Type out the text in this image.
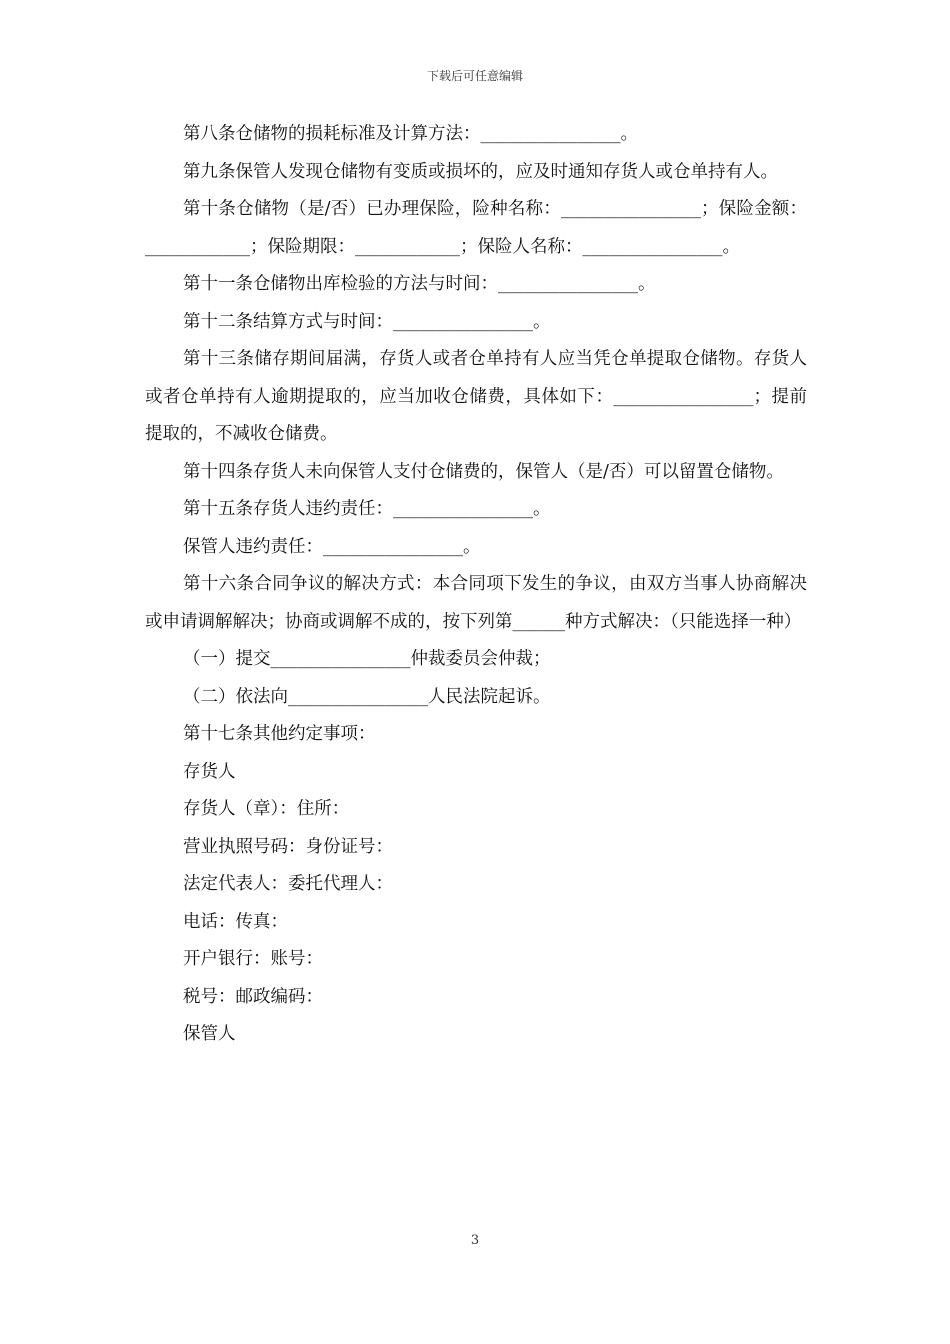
下载后可任意编辑

第八条仓储物的损耗标准及计算方法：________________。

第九条保管人发现仓储物有变质或损坏的，应及时通知存货人或仓单持有人。

第十条仓储物（是/否）已办理保险，险种名称：________________；保险金额：____________；保险期限：____________；保险人名称：________________。

第十一条仓储物出库检验的方法与时间：________________。

第十二条结算方式与时间：________________。

第十三条储存期间届满，存货人或者仓单持有人应当凭仓单提取仓储物。存货人或者仓单持有人逾期提取的，应当加收仓储费，具体如下：________________；提前提取的，不减收仓储费。

第十四条存货人未向保管人支付仓储费的，保管人（是/否）可以留置仓储物。

第十五条存货人违约责任：________________。

保管人违约责任：________________。

第十六条合同争议的解决方式：本合同项下发生的争议，由双方当事人协商解决或申请调解解决；协商或调解不成的，按下列第______种方式解决：（只能选择一种）

（一）提交________________仲裁委员会仲裁；

（二）依法向________________人民法院起诉。

第十七条其他约定事项：

存货人

存货人（章）：住所：

营业执照号码：身份证号：

法定代表人：委托代理人：

电话：传真：

开户银行：账号：

税号：邮政编码：

保管人

3
